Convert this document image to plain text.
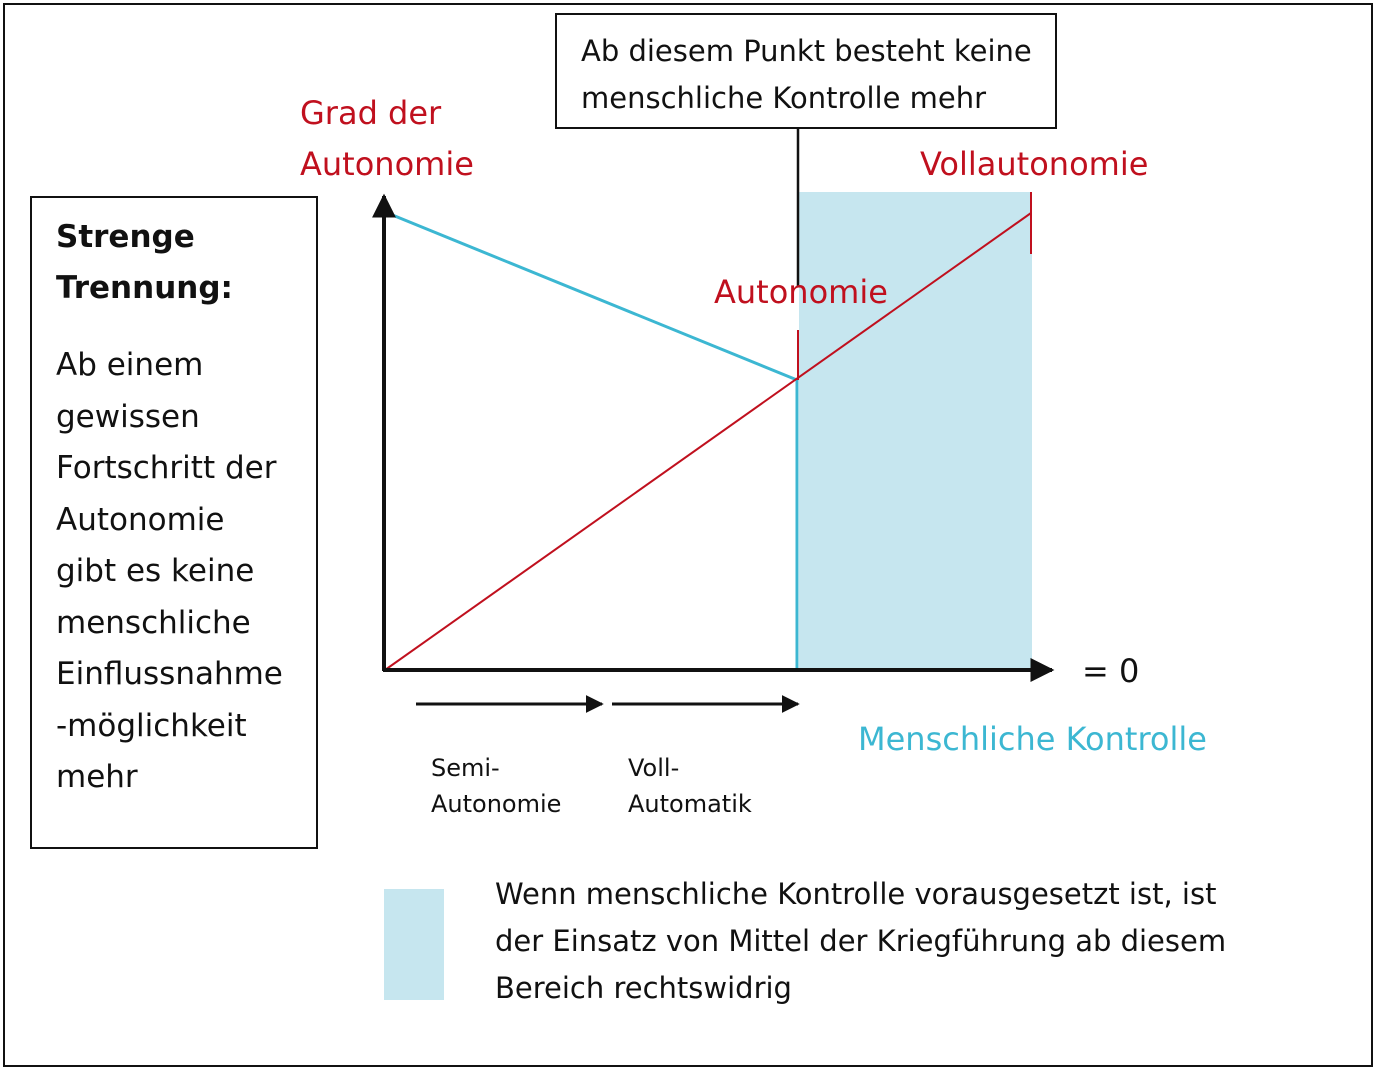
Strenge
Trennung:
Ab einem
gewissen
Fortschritt der
Autonomie
gibt es keine
menschliche
Einflussnahme
-möglichkeit
mehr
Ab diesem Punkt besteht keine
menschliche Kontrolle mehr
Grad der
Autonomie	Vollautonomie
Autonomie
Menschliche Kontrolle
= 0
Semi-
Autonomie
Voll-
Automatik
Wenn menschliche Kontrolle vorausgesetzt ist, ist
der Einsatz von Mittel der Kriegführung ab diesem
Bereich rechtswidrig
